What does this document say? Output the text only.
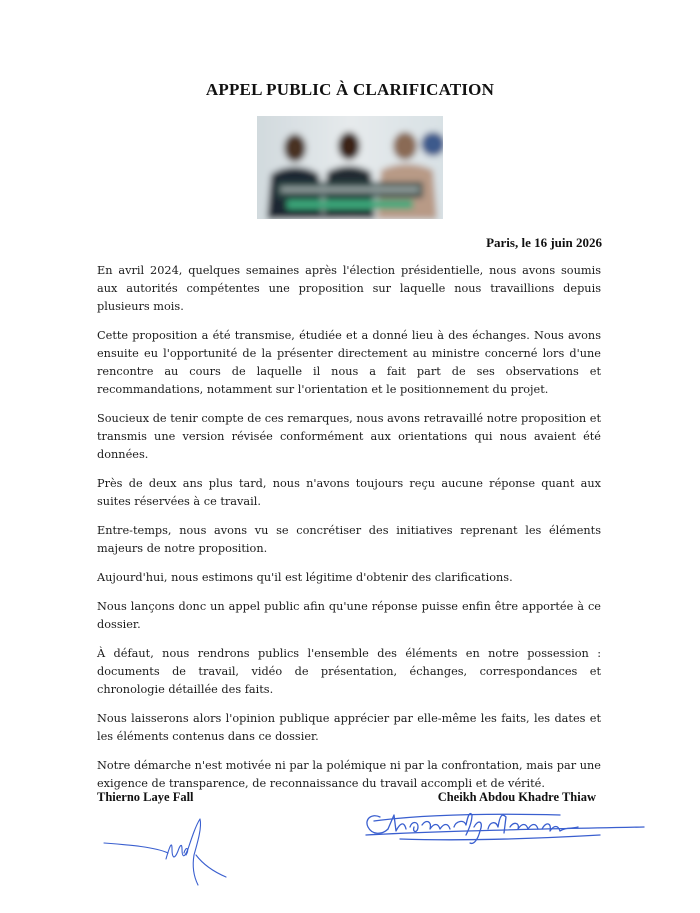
APPEL PUBLIC À CLARIFICATION
Paris, le 16 juin 2026

En avril 2024, quelques semaines après l'élection présidentielle, nous avons soumis aux autorités compétentes une proposition sur laquelle nous travaillions depuis plusieurs mois.

Cette proposition a été transmise, étudiée et a donné lieu à des échanges. Nous avons ensuite eu l'opportunité de la présenter directement au ministre concerné lors d'une rencontre au cours de laquelle il nous a fait part de ses observations et recommandations, notamment sur l'orientation et le positionnement du projet.

Soucieux de tenir compte de ces remarques, nous avons retravaillé notre proposition et transmis une version révisée conformément aux orientations qui nous avaient été données.

Près de deux ans plus tard, nous n'avons toujours reçu aucune réponse quant aux suites réservées à ce travail.

Entre-temps, nous avons vu se concrétiser des initiatives reprenant les éléments majeurs de notre proposition.

Aujourd'hui, nous estimons qu'il est légitime d'obtenir des clarifications.

Nous lançons donc un appel public afin qu'une réponse puisse enfin être apportée à ce dossier.

À défaut, nous rendrons publics l'ensemble des éléments en notre possession : documents de travail, vidéo de présentation, échanges, correspondances et chronologie détaillée des faits.

Nous laisserons alors l'opinion publique apprécier par elle-même les faits, les dates et les éléments contenus dans ce dossier.

Notre démarche n'est motivée ni par la polémique ni par la confrontation, mais par une exigence de transparence, de reconnaissance du travail accompli et de vérité.

Thierno Laye Fall	Cheikh Abdou Khadre Thiaw
